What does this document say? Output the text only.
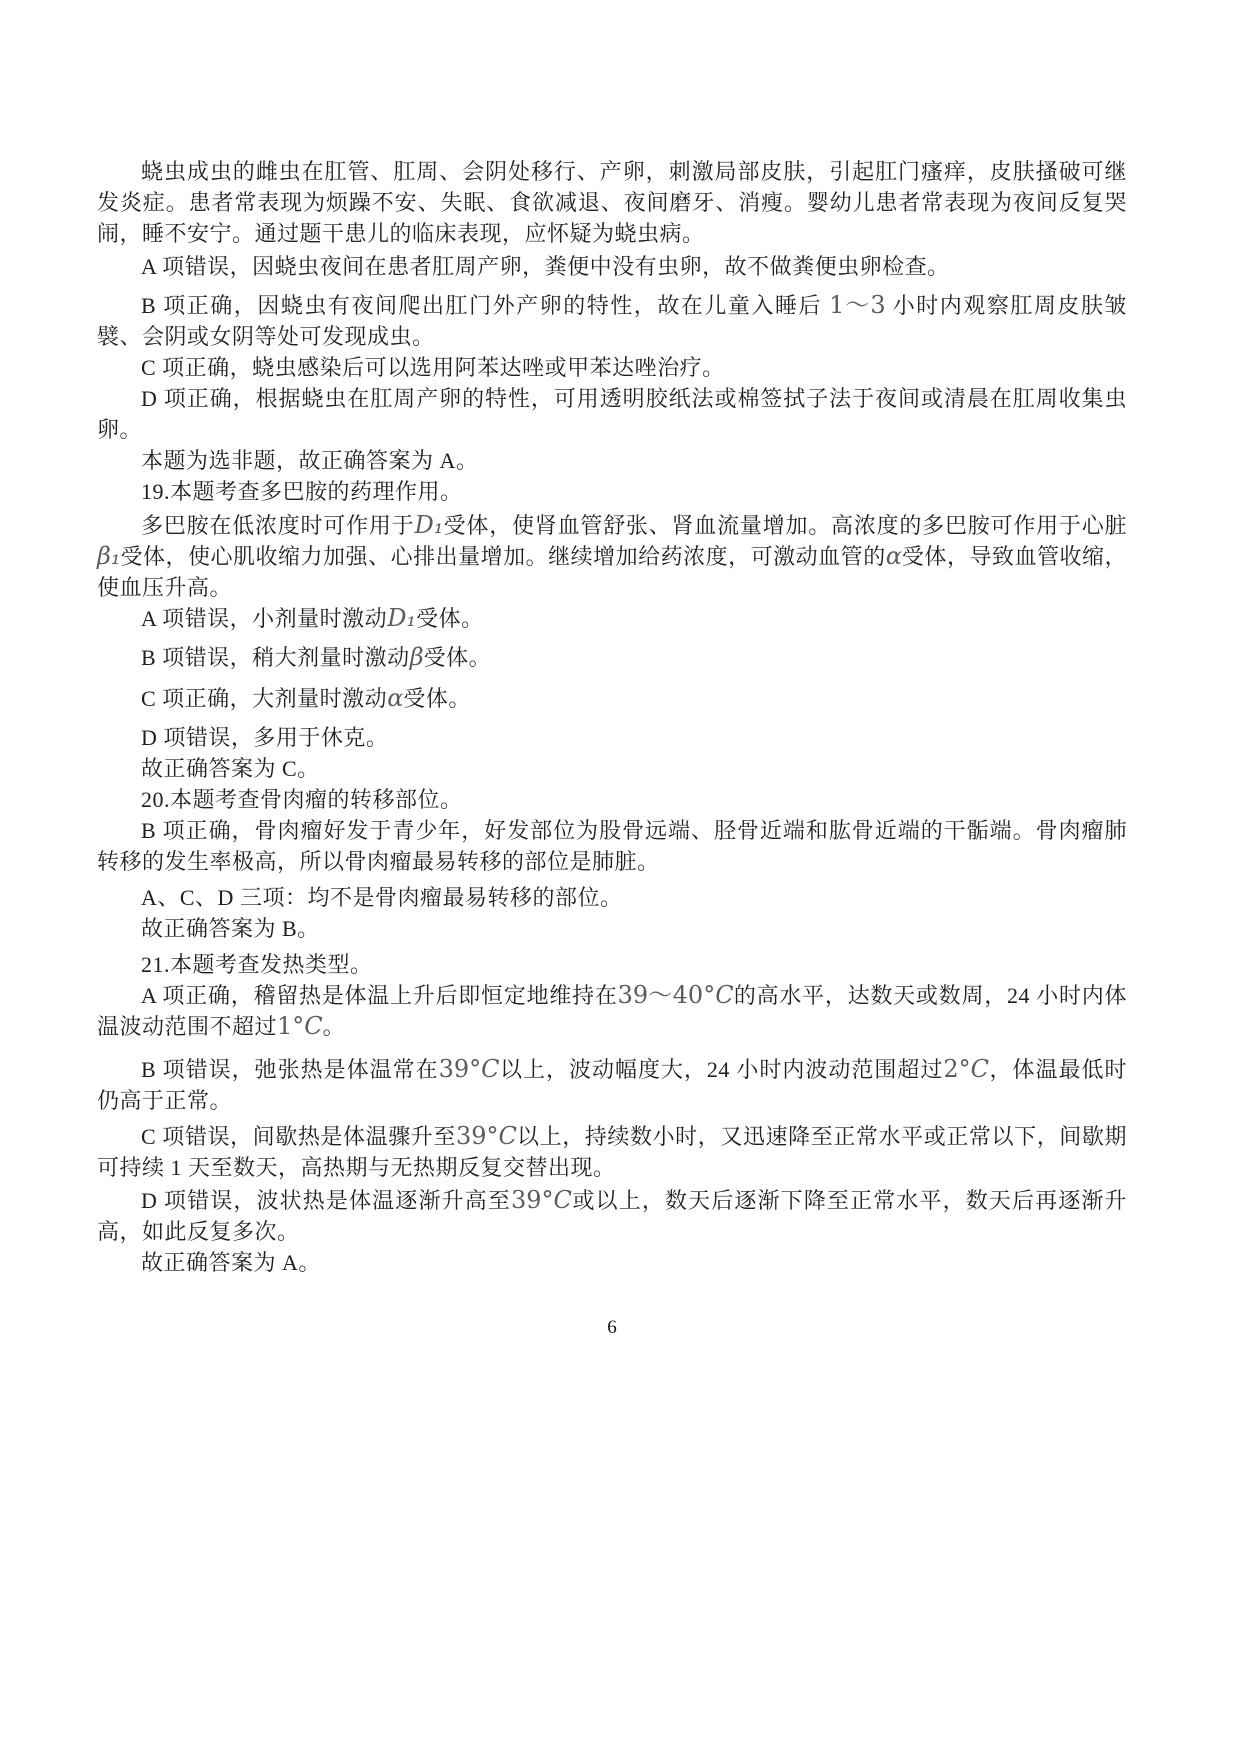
蛲虫成虫的雌虫在肛管、肛周、会阴处移行、产卵，刺激局部皮肤，引起肛门瘙痒，皮肤搔破可继发炎症。患者常表现为烦躁不安、失眠、食欲减退、夜间磨牙、消瘦。婴幼儿患者常表现为夜间反复哭闹，睡不安宁。通过题干患儿的临床表现，应怀疑为蛲虫病。

A 项错误，因蛲虫夜间在患者肛周产卵，粪便中没有虫卵，故不做粪便虫卵检查。

B 项正确，因蛲虫有夜间爬出肛门外产卵的特性，故在儿童入睡后 1～3 小时内观察肛周皮肤皱襞、会阴或女阴等处可发现成虫。

C 项正确，蛲虫感染后可以选用阿苯达唑或甲苯达唑治疗。

D 项正确，根据蛲虫在肛周产卵的特性，可用透明胶纸法或棉签拭子法于夜间或清晨在肛周收集虫卵。

本题为选非题，故正确答案为 A。

19.本题考查多巴胺的药理作用。

多巴胺在低浓度时可作用于D₁受体，使肾血管舒张、肾血流量增加。高浓度的多巴胺可作用于心脏β₁受体，使心肌收缩力加强、心排出量增加。继续增加给药浓度，可激动血管的α受体，导致血管收缩，使血压升高。

A 项错误，小剂量时激动D₁受体。

B 项错误，稍大剂量时激动β受体。

C 项正确，大剂量时激动α受体。

D 项错误，多用于休克。

故正确答案为 C。

20.本题考查骨肉瘤的转移部位。

B 项正确，骨肉瘤好发于青少年，好发部位为股骨远端、胫骨近端和肱骨近端的干骺端。骨肉瘤肺转移的发生率极高，所以骨肉瘤最易转移的部位是肺脏。

A、C、D 三项：均不是骨肉瘤最易转移的部位。

故正确答案为 B。

21.本题考查发热类型。

A 项正确，稽留热是体温上升后即恒定地维持在39～40°C的高水平，达数天或数周，24 小时内体温波动范围不超过1°C。

B 项错误，弛张热是体温常在39°C以上，波动幅度大，24 小时内波动范围超过2°C，体温最低时仍高于正常。

C 项错误，间歇热是体温骤升至39°C以上，持续数小时，又迅速降至正常水平或正常以下，间歇期可持续 1 天至数天，高热期与无热期反复交替出现。

D 项错误，波状热是体温逐渐升高至39°C或以上，数天后逐渐下降至正常水平，数天后再逐渐升高，如此反复多次。

故正确答案为 A。

6
